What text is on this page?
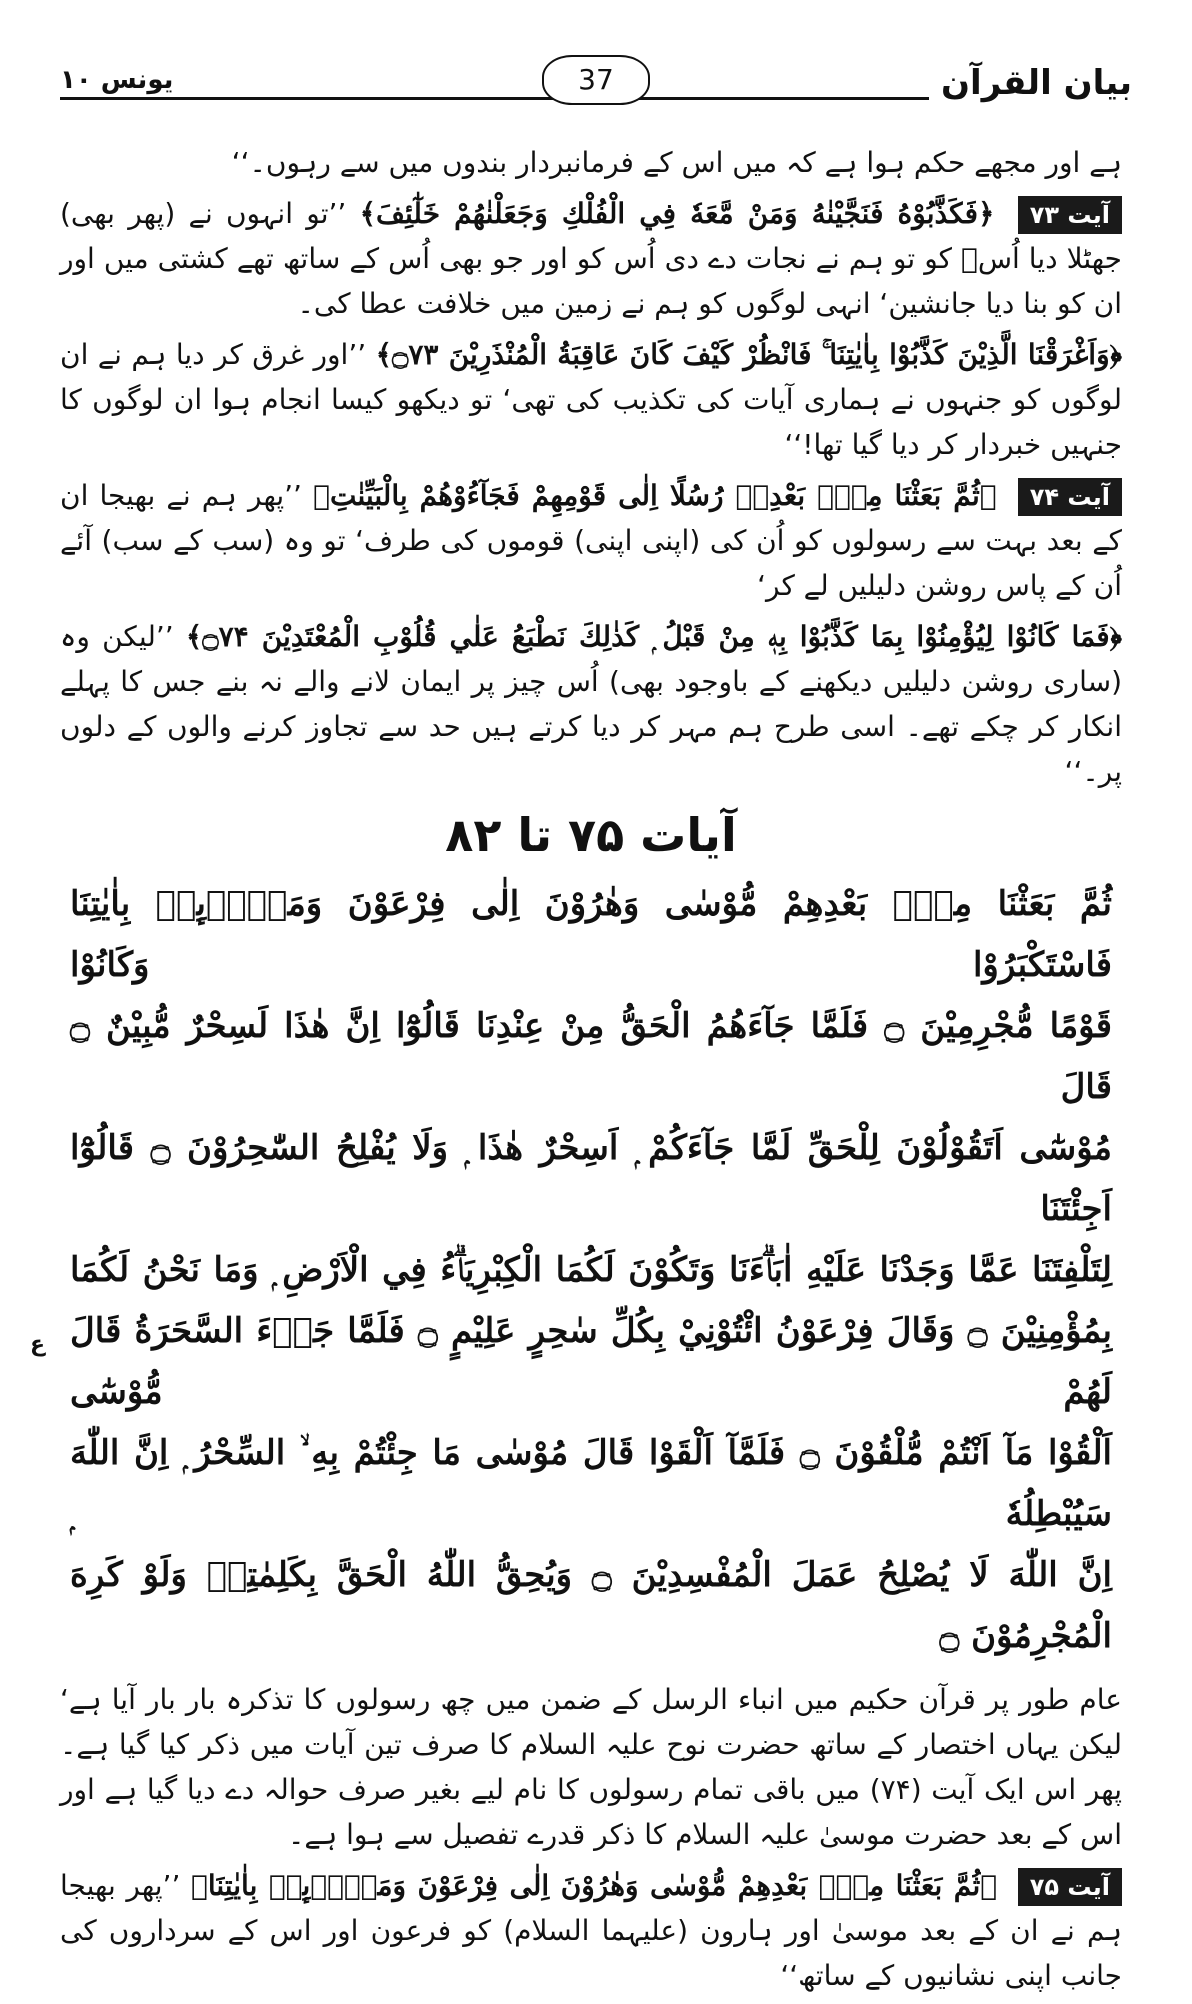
بیان القرآن
37
یونس ۱۰

ہے اور مجھے حکم ہوا ہے کہ میں اس کے فرمانبردار بندوں میں سے رہوں۔‘‘

آیت ۷۳ ﴿فَكَذَّبُوْهُ فَنَجَّيْنٰهُ وَمَنْ مَّعَهٗ فِي الْفُلْكِ وَجَعَلْنٰهُمْ خَلٰٓئِفَ﴾ ’’تو انہوں نے (پھر بھی) جھٹلا دیا اُسؑ کو تو ہم نے نجات دے دی اُس کو اور جو بھی اُس کے ساتھ تھے کشتی میں اور ان کو بنا دیا جانشین‘ انہی لوگوں کو ہم نے زمین میں خلافت عطا کی۔

﴿وَاَغْرَقْنَا الَّذِيْنَ كَذَّبُوْا بِاٰيٰتِنَا ۚ فَانْظُرْ كَيْفَ كَانَ عَاقِبَةُ الْمُنْذَرِيْنَ ۝۷۳﴾ ’’اور غرق کر دیا ہم نے ان لوگوں کو جنہوں نے ہماری آیات کی تکذیب کی تھی‘ تو دیکھو کیسا انجام ہوا ان لوگوں کا جنہیں خبردار کر دیا گیا تھا!‘‘

آیت ۷۴ ﴿ثُمَّ بَعَثْنَا مِنْۢ بَعْدِهٖ رُسُلًا اِلٰى قَوْمِهِمْ فَجَآءُوْهُمْ بِالْبَيِّنٰتِ﴾ ’’پھر ہم نے بھیجا ان کے بعد بہت سے رسولوں کو اُن کی (اپنی اپنی) قوموں کی طرف‘ تو وہ (سب کے سب) آئے اُن کے پاس روشن دلیلیں لے کر‘

﴿فَمَا كَانُوْا لِيُؤْمِنُوْا بِمَا كَذَّبُوْا بِهٖ مِنْ قَبْلُ ۭ كَذٰلِكَ نَطْبَعُ عَلٰي قُلُوْبِ الْمُعْتَدِيْنَ ۝۷۴﴾ ’’لیکن وہ (ساری روشن دلیلیں دیکھنے کے باوجود بھی) اُس چیز پر ایمان لانے والے نہ بنے جس کا پہلے انکار کر چکے تھے۔ اسی طرح ہم مہر کر دیا کرتے ہیں حد سے تجاوز کرنے والوں کے دلوں پر۔‘‘

آیات ۷۵ تا ۸۲

ثُمَّ بَعَثْنَا مِنْۢ بَعْدِهِمْ مُّوْسٰى وَهٰرُوْنَ اِلٰى فِرْعَوْنَ وَمَلَا۟ىِٕهٖ بِاٰيٰتِنَا فَاسْتَكْبَرُوْا وَكَانُوْا

قَوْمًا مُّجْرِمِيْنَ ۝ فَلَمَّا جَآءَهُمُ الْحَقُّ مِنْ عِنْدِنَا قَالُوْٓا اِنَّ هٰذَا لَسِحْرٌ مُّبِيْنٌ ۝ قَالَ

مُوْسٰٓى اَتَقُوْلُوْنَ لِلْحَقِّ لَمَّا جَآءَكُمْ ۭ اَسِحْرٌ هٰذَا ۭ وَلَا يُفْلِحُ السّٰحِرُوْنَ ۝ قَالُوْٓا اَجِئْتَنَا

لِتَلْفِتَنَا عَمَّا وَجَدْنَا عَلَيْهِ اٰبَاۗءَنَا وَتَكُوْنَ لَكُمَا الْكِبْرِيَاۗءُ فِي الْاَرْضِ ۭ وَمَا نَحْنُ لَكُمَا

بِمُؤْمِنِيْنَ ۝ وَقَالَ فِرْعَوْنُ ائْتُوْنِيْ بِكُلِّ سٰحِرٍ عَلِيْمٍ ۝ فَلَمَّا جَاۗءَ السَّحَرَةُ قَالَ لَهُمْ مُّوْسٰٓى

اَلْقُوْا مَآ اَنْتُمْ مُّلْقُوْنَ ۝ فَلَمَّآ اَلْقَوْا قَالَ مُوْسٰى مَا جِئْتُمْ بِهِ ۙ السِّحْرُ ۭ اِنَّ اللّٰهَ سَيُبْطِلُهٗ ۭ

اِنَّ اللّٰهَ لَا يُصْلِحُ عَمَلَ الْمُفْسِدِيْنَ ۝ وَيُحِقُّ اللّٰهُ الْحَقَّ بِكَلِمٰتِهٖ وَلَوْ كَرِهَ الْمُجْرِمُوْنَ ۝

عام طور پر قرآن حکیم میں انباء الرسل کے ضمن میں چھ رسولوں کا تذکرہ بار بار آیا ہے‘ لیکن یہاں اختصار کے ساتھ حضرت نوح علیہ السلام کا صرف تین آیات میں ذکر کیا گیا ہے۔ پھر اس ایک آیت (۷۴) میں باقی تمام رسولوں کا نام لیے بغیر صرف حوالہ دے دیا گیا ہے اور اس کے بعد حضرت موسیٰ علیہ السلام کا ذکر قدرے تفصیل سے ہوا ہے۔

آیت ۷۵ ﴿ثُمَّ بَعَثْنَا مِنْۢ بَعْدِهِمْ مُّوْسٰى وَهٰرُوْنَ اِلٰى فِرْعَوْنَ وَمَلَا۟ىِٕهٖ بِاٰيٰتِنَا﴾ ’’پھر بھیجا ہم نے ان کے بعد موسیٰ اور ہارون (علیہما السلام) کو فرعون اور اس کے سرداروں کی جانب اپنی نشانیوں کے ساتھ‘‘

ع
